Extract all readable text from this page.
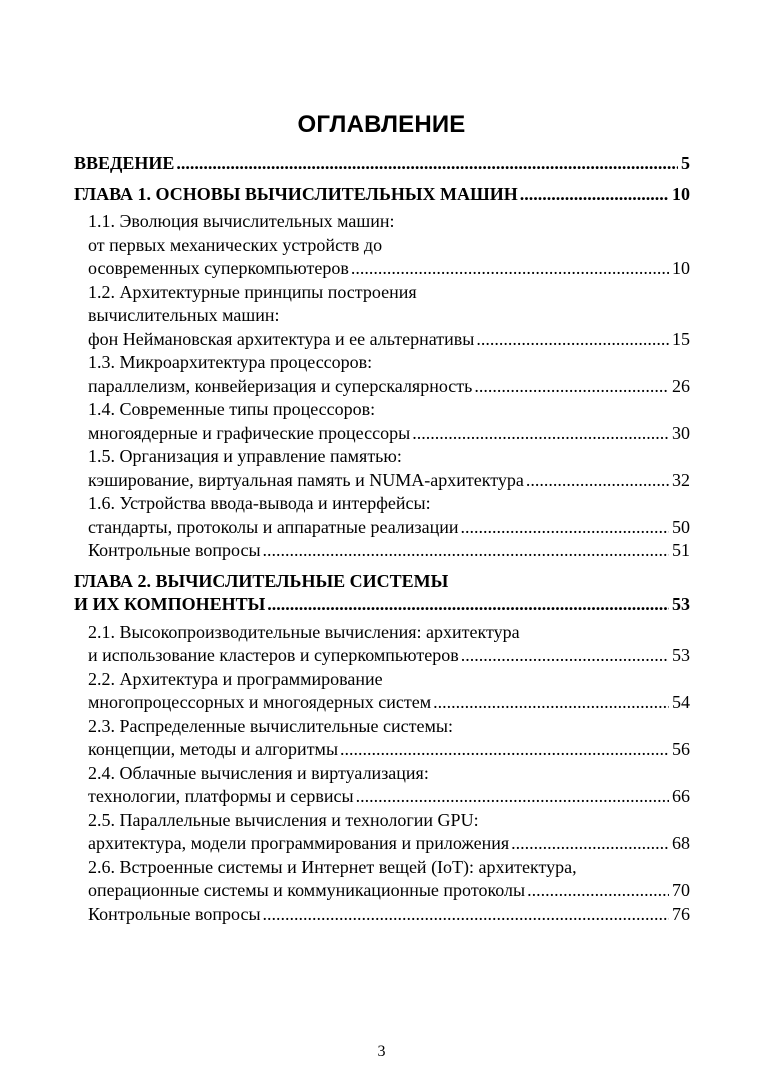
ОГЛАВЛЕНИЕ
ВВЕДЕНИЕ .....	5
ГЛАВА 1. ОСНОВЫ ВЫЧИСЛИТЕЛЬНЫХ МАШИН .....	10
1.1. Эволюция вычислительных машин:
от первых механических устройств до
осовременных суперкомпьютеров .....	10
1.2. Архитектурные принципы построения
вычислительных машин:
фон Неймановская архитектура и ее альтернативы .....	15
1.3. Микроархитектура процессоров:
параллелизм, конвейеризация и суперскалярность .....	26
1.4. Современные типы процессоров:
многоядерные и графические процессоры .....	30
1.5. Организация и управление памятью:
кэширование, виртуальная память и NUMA-архитектура .....	32
1.6. Устройства ввода-вывода и интерфейсы:
стандарты, протоколы и аппаратные реализации .....	50
Контрольные вопросы .....	51
ГЛАВА 2. ВЫЧИСЛИТЕЛЬНЫЕ СИСТЕМЫ
И ИХ КОМПОНЕНТЫ .....	53
2.1. Высокопроизводительные вычисления: архитектура
и использование кластеров и суперкомпьютеров .....	53
2.2. Архитектура и программирование
многопроцессорных и многоядерных систем .....	54
2.3. Распределенные вычислительные системы:
концепции, методы и алгоритмы .....	56
2.4. Облачные вычисления и виртуализация:
технологии, платформы и сервисы .....	66
2.5. Параллельные вычисления и технологии GPU:
архитектура, модели программирования и приложения .....	68
2.6. Встроенные системы и Интернет вещей (IoT): архитектура,
операционные системы и коммуникационные протоколы .....	70
Контрольные вопросы .....	76
3
